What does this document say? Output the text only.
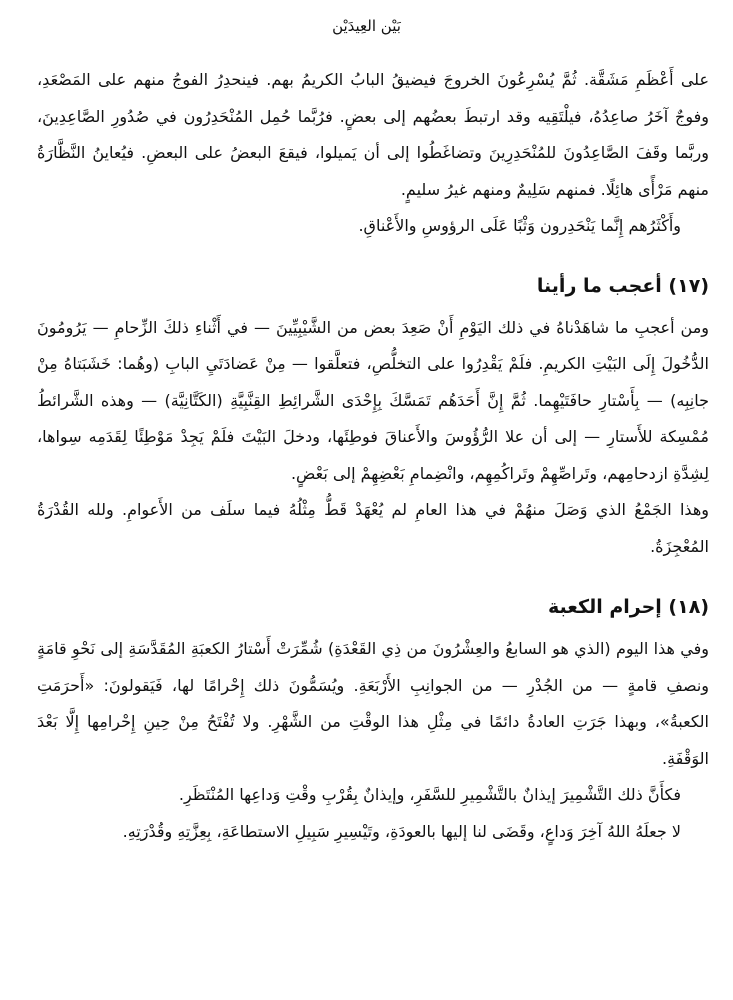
بَيْن العِيدَيْن

على أَعْظَمِ مَشَقَّة. ثُمَّ يُسْرِعُونَ الخروجَ فيضيقُ البابُ الكريمُ بهم. فينحدِرُ الفوجُ منهم على المَصْعَدِ، وفوجٌ آخَرُ صاعِدُهُ، فيلْتَقِيه وقد ارتبطَ بعضُهم إلى بعضٍ. فرُبَّما حُمِل المُنْحَدِرُون في صُدُورِ الصَّاعِدِينَ، وربَّما وقَفَ الصَّاعِدُونَ للمُنْحَدِرِينَ وتضاغَطُوا إلى أن يَميلوا، فيقعَ البعضُ على البعضِ. فيُعاينُ النَّظَّارَةُ منهم مَرْأًى هائِلًا. فمنهم سَلِيمٌ ومنهم غيرُ سليمٍ.

وأَكْثَرُهم إِنَّما يَنْحَدِرون وَثْبًا عَلَى الرؤوسِ والأَعْناقِ.

(١٧) أعجب ما رأينا

ومن أعجبِ ما شاهَدْناهُ في ذلك اليَوْمِ أَنْ صَعِدَ بعض من الشَّيْبِيِّينَ — في أَثْناءِ ذلكَ الزِّحامِ — يَرُومُونَ الدُّخُولَ إِلَى البَيْتِ الكريمِ. فلَمْ يَقْدِرُوا على التخلُّصِ، فتعلَّقوا — مِنْ عَضادَتَيِ البابِ (وهُما: خَشَبَتاهُ مِنْ جانِبِه) — بِأَسْتارِ حافَتَيْهِما. ثُمَّ إِنَّ أَحَدَهُم تَمَسَّكَ بِإِحْدَى الشَّرائِطِ القِنَّبِيَّةِ (الكَتَّانِيَّة) — وهذه الشَّرائطُ مُمْسِكة للأَستارِ — إلى أن علا الرُّؤُوسَ والأَعناقَ فوطِئَها، ودخلَ البَيْتَ فلَمْ يَجِدْ مَوْطِئًا لِقَدَمِه سِواها، لِشِدَّةِ ازدحامِهم، وتَراصِّهِمْ وتَراكُمِهِم، وانْضِمامِ بَعْضِهِمْ إلى بَعْضٍ.

وهذا الجَمْعُ الذي وَصَلَ منهُمْ في هذا العامِ لم يُعْهَدْ قَطُّ مِثْلُهُ فيما سلَف من الأَعوامِ. ولله القُدْرَةُ المُعْجِزَةُ.

(١٨) إحرام الكعبة

وفي هذا اليوم (الذي هو السابعُ والعِشْرُونَ من ذِي القَعْدَةِ) شُمِّرَتْ أَسْتارُ الكعبَةِ المُقَدَّسَةِ إلى نَحْوِ قامَةٍ ونصفِ قامةٍ — من الجُدْرِ — من الجوانِبِ الأَرْبَعَةِ. ويُسَمُّونَ ذلك إِحْرامًا لها، فَيَقولونَ: «أَحرَمَتِ الكعبةُ»، وبهذا جَرَتِ العادةُ دائمًا في مِثْلِ هذا الوقْتِ من الشَّهْرِ. ولا تُفْتَحُ مِنْ حِينِ إِحْرامِها إِلَّا بَعْدَ الوَقْفَةِ.

فكأَنَّ ذلك التَّشْمِيرَ إيذانٌ بالتَّشْمِيرِ للسَّفَرِ، وإيذانٌ بِقُرْبِ وقْتِ وَداعِها المُنْتَظَرِ.

لا جعلَهُ اللهُ آخِرَ وَداعٍ، وقَضَى لنا إليها بالعودَةِ، وتَيْسِيرِ سَبِيلِ الاستطاعَةِ، بِعِزَّتِهِ وقُدْرَتِهِ.
